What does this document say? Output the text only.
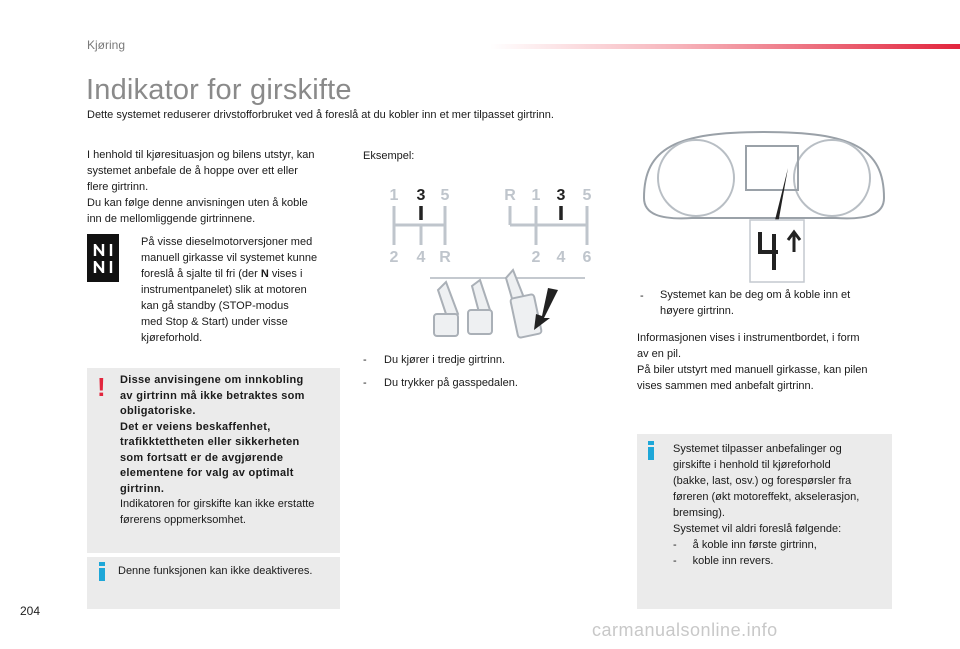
Kjøring
Indikator for girskifte
Dette systemet reduserer drivstofforbruket ved å foreslå at du kobler inn et mer tilpasset girtrinn.
I henhold til kjøresituasjon og bilens utstyr, kan
systemet anbefale de å hoppe over ett eller
flere girtrinn.
Du kan følge denne anvisningen uten å koble
inn de mellomliggende girtrinnene.
På visse dieselmotorversjoner med
manuell girkasse vil systemet kunne
foreslå å sjalte til fri (der N vises i
instrumentpanelet) slik at motoren
kan gå standby (STOP-modus
med Stop & Start) under visse
kjøreforhold.
! Disse anvisingene om innkobling
av girtrinn må ikke betraktes som
obligatoriske.
Det er veiens beskaffenhet,
trafikktettheten eller sikkerheten
som fortsatt er de avgjørende
elementene for valg av optimalt
girtrinn.
Indikatoren for girskifte kan ikke erstatte
førerens oppmerksomhet.
Denne funksjonen kan ikke deaktiveres.
Eksempel:
1 3 5
2 4 R
R 1 3 5
2 4 6
- Du kjører i tredje girtrinn.
- Du trykker på gasspedalen.
- Systemet kan be deg om å koble inn et
høyere girtrinn.
Informasjonen vises i instrumentbordet, i form
av en pil.
På biler utstyrt med manuell girkasse, kan pilen
vises sammen med anbefalt girtrinn.
Systemet tilpasser anbefalinger og
girskifte i henhold til kjøreforhold
(bakke, last, osv.) og forespørsler fra
føreren (økt motoreffekt, akselerasjon,
bremsing).
Systemet vil aldri foreslå følgende:
- å koble inn første girtrinn,
- koble inn revers.
204
carmanualsonline.info
